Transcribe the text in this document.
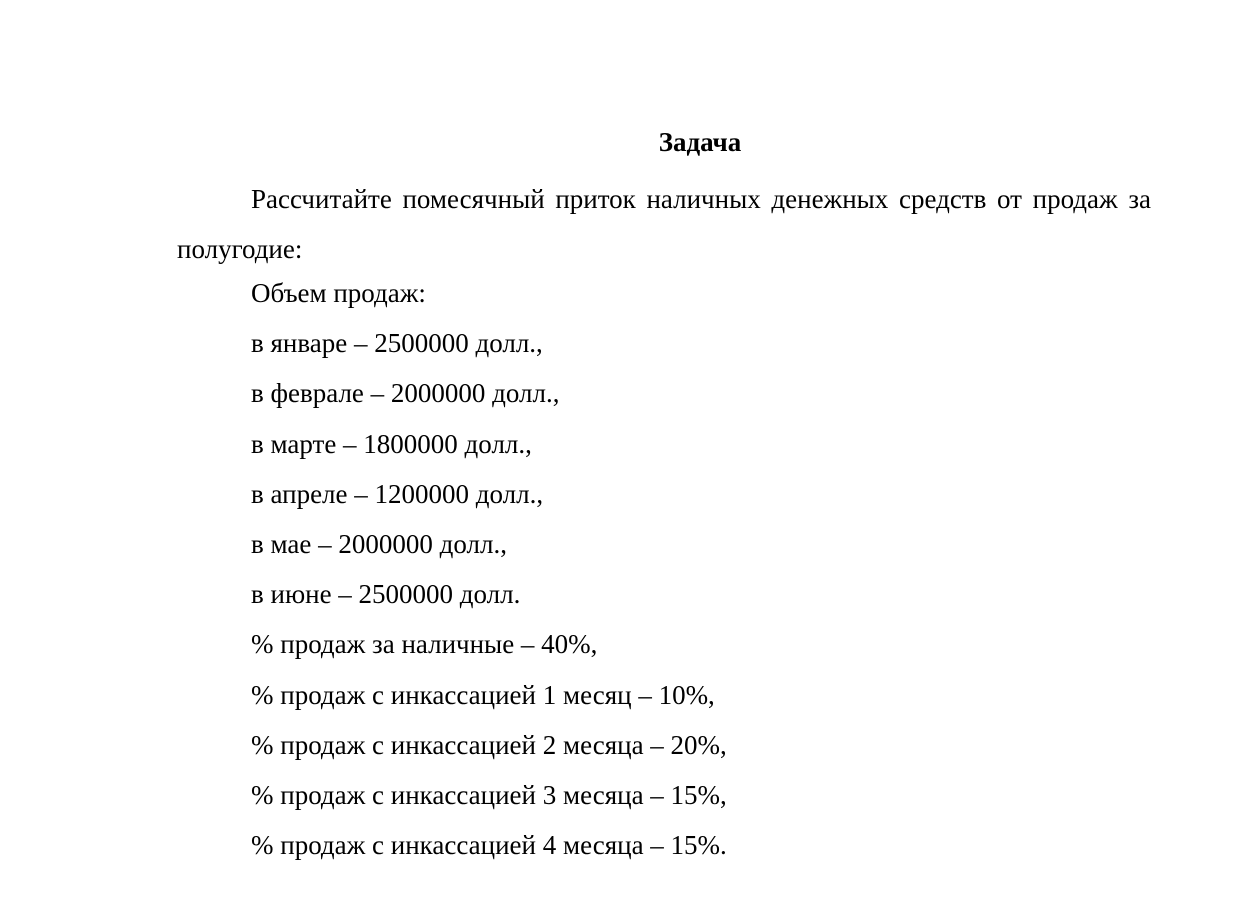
Задача
Рассчитайте помесячный приток наличных денежных средств от продаж за полугодие:
Объем продаж:
в январе – 2500000 долл.,
в феврале – 2000000 долл.,
в марте – 1800000 долл.,
в апреле – 1200000 долл.,
в мае – 2000000 долл.,
в июне – 2500000 долл.
% продаж за наличные – 40%,
% продаж с инкассацией 1 месяц – 10%,
% продаж с инкассацией 2 месяца – 20%,
% продаж с инкассацией 3 месяца – 15%,
% продаж с инкассацией 4 месяца – 15%.
